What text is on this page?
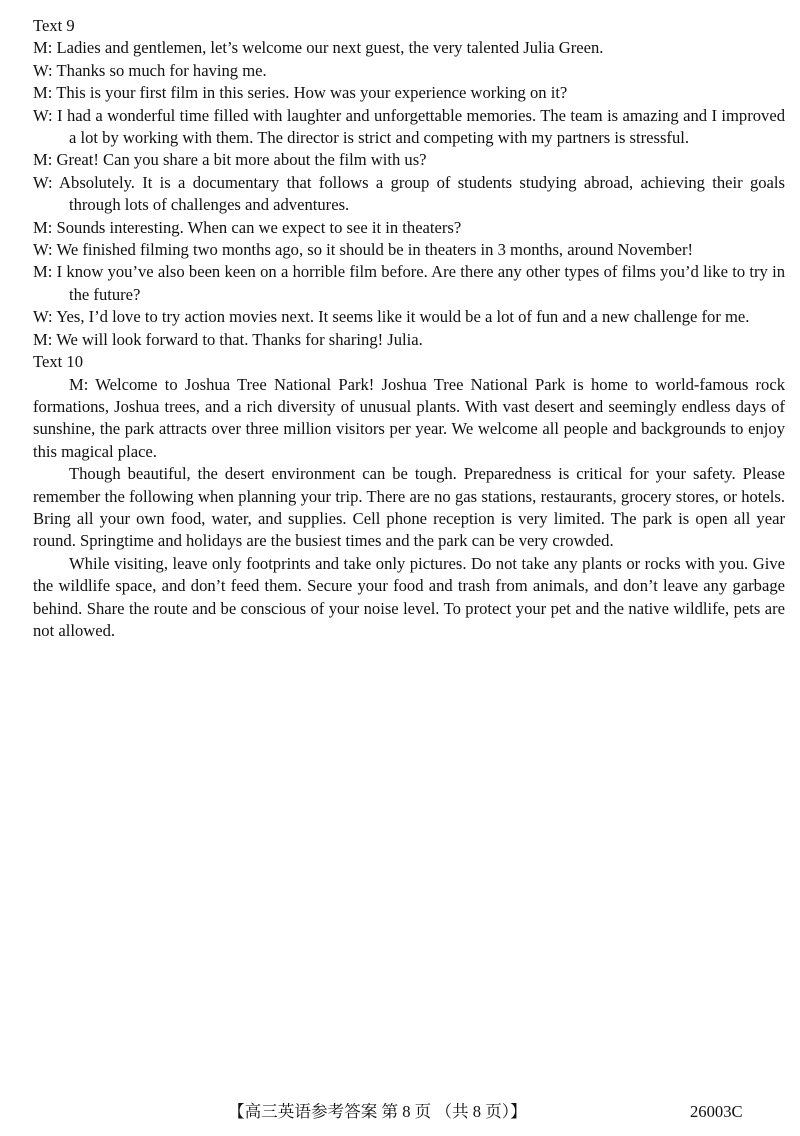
Text 9

M: Ladies and gentlemen, let’s welcome our next guest, the very talented Julia Green.

W: Thanks so much for having me.

M: This is your first film in this series. How was your experience working on it?

W: I had a wonderful time filled with laughter and unforgettable memories. The team is amazing and I improved a lot by working with them. The director is strict and competing with my partners is stressful.

M: Great! Can you share a bit more about the film with us?

W: Absolutely. It is a documentary that follows a group of students studying abroad, achieving their goals through lots of challenges and adventures.

M: Sounds interesting. When can we expect to see it in theaters?

W: We finished filming two months ago, so it should be in theaters in 3 months, around November!

M: I know you’ve also been keen on a horrible film before. Are there any other types of films you’d like to try in the future?

W: Yes, I’d love to try action movies next. It seems like it would be a lot of fun and a new challenge for me.

M: We will look forward to that. Thanks for sharing! Julia.

Text 10

M: Welcome to Joshua Tree National Park! Joshua Tree National Park is home to world-famous rock formations, Joshua trees, and a rich diversity of unusual plants. With vast desert and seemingly endless days of sunshine, the park attracts over three million visitors per year. We welcome all people and backgrounds to enjoy this magical place.

Though beautiful, the desert environment can be tough. Preparedness is critical for your safety. Please remember the following when planning your trip. There are no gas stations, restaurants, grocery stores, or hotels. Bring all your own food, water, and supplies. Cell phone reception is very limited. The park is open all year round. Springtime and holidays are the busiest times and the park can be very crowded.

While visiting, leave only footprints and take only pictures. Do not take any plants or rocks with you. Give the wildlife space, and don’t feed them. Secure your food and trash from animals, and don’t leave any garbage behind. Share the route and be conscious of your noise level. To protect your pet and the native wildlife, pets are not allowed.

【高三英语参考答案 第 8 页 （共 8 页）】	26003C
